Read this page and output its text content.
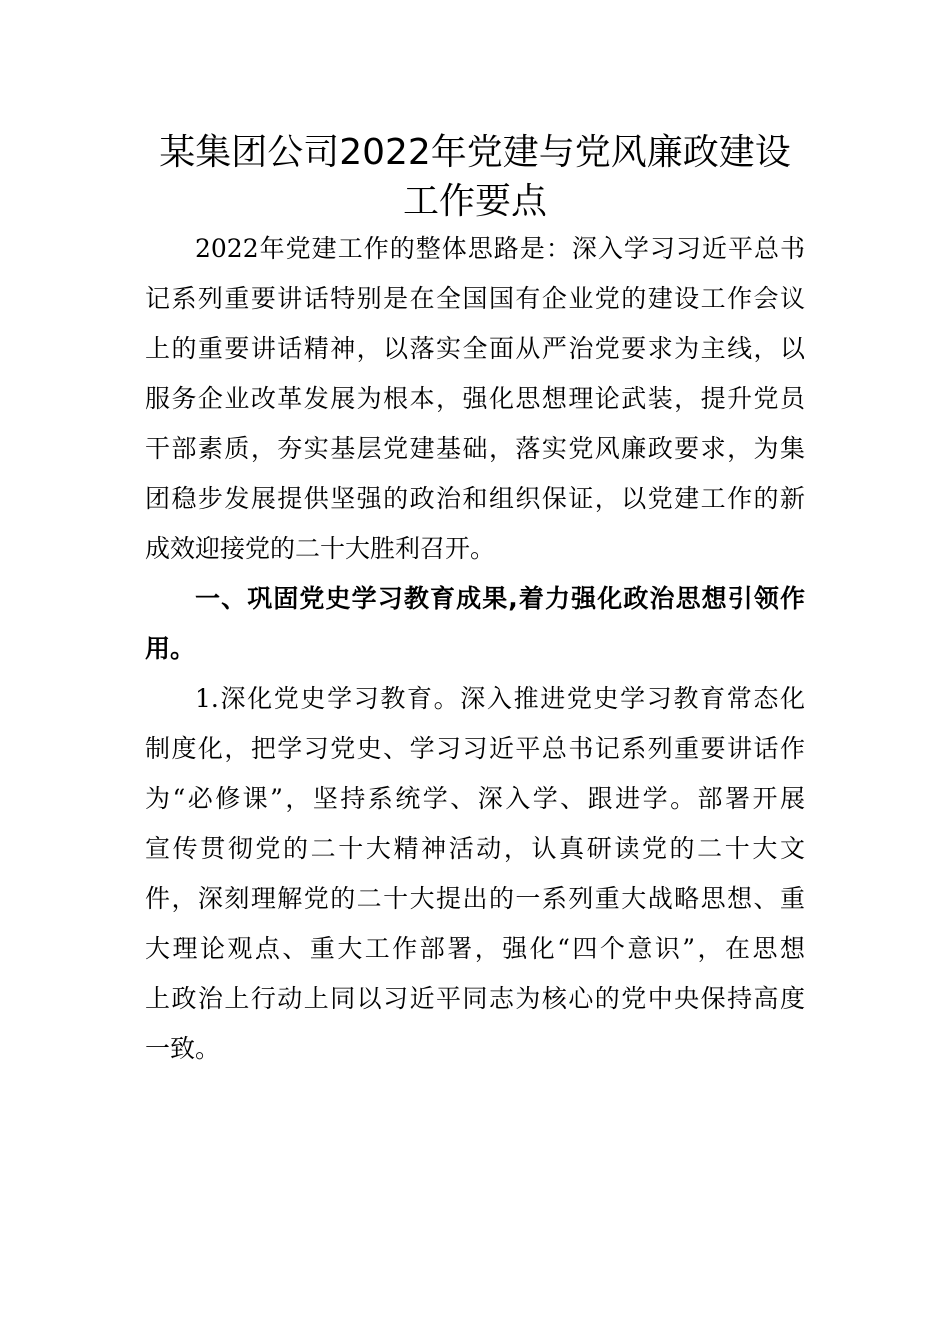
某集团公司2022年党建与党风廉政建设
工作要点
2022年党建工作的整体思路是：深入学习习近平总书
记系列重要讲话特别是在全国国有企业党的建设工作会议
上的重要讲话精神，以落实全面从严治党要求为主线，以
服务企业改革发展为根本，强化思想理论武装，提升党员
干部素质，夯实基层党建基础，落实党风廉政要求，为集
团稳步发展提供坚强的政治和组织保证，以党建工作的新
成效迎接党的二十大胜利召开。
一、巩固党史学习教育成果,着力强化政治思想引领作
用。
1.深化党史学习教育。深入推进党史学习教育常态化
制度化，把学习党史、学习习近平总书记系列重要讲话作
为“必修课”，坚持系统学、深入学、跟进学。部署开展
宣传贯彻党的二十大精神活动，认真研读党的二十大文
件，深刻理解党的二十大提出的一系列重大战略思想、重
大理论观点、重大工作部署，强化“四个意识”，在思想
上政治上行动上同以习近平同志为核心的党中央保持高度
一致。
